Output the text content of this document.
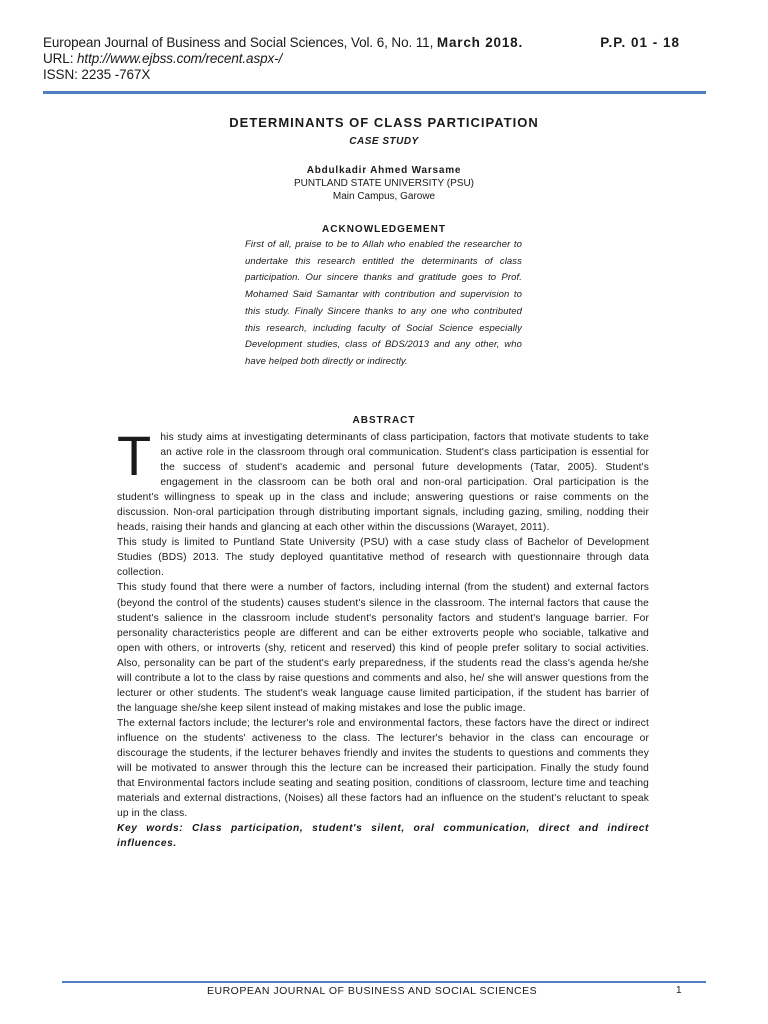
European Journal of Business and Social Sciences, Vol. 6, No. 11, March 2018.
URL: http://www.ejbss.com/recent.aspx-/
ISSN: 2235 -767X
P.P. 01 - 18
DETERMINANTS OF CLASS PARTICIPATION
CASE STUDY
Abdulkadir Ahmed Warsame
PUNTLAND STATE UNIVERSITY (PSU)
Main Campus, Garowe
ACKNOWLEDGEMENT
First of all, praise to be to Allah who enabled the researcher to undertake this research entitled the determinants of class participation. Our sincere thanks and gratitude goes to Prof. Mohamed Said Samantar with contribution and supervision to this study. Finally Sincere thanks to any one who contributed this research, including faculty of Social Science especially Development studies, class of BDS/2013 and any other, who have helped both directly or indirectly.
ABSTRACT

This study aims at investigating determinants of class participation, factors that motivate students to take an active role in the classroom through oral communication. Student's class participation is essential for the success of student's academic and personal future developments (Tatar, 2005). Student's engagement in the classroom can be both oral and non-oral participation. Oral participation is the student's willingness to speak up in the class and include; answering questions or raise comments on the discussion. Non-oral participation through distributing important signals, including gazing, smiling, nodding their heads, raising their hands and glancing at each other within the discussions (Warayet, 2011).

This study is limited to Puntland State University (PSU) with a case study class of Bachelor of Development Studies (BDS) 2013. The study deployed quantitative method of research with questionnaire through data collection.

This study found that there were a number of factors, including internal (from the student) and external factors (beyond the control of the students) causes student's silence in the classroom. The internal factors that cause the student's salience in the classroom include student's personality factors and student's language barrier. For personality characteristics people are different and can be either extroverts people who sociable, talkative and open with others, or introverts (shy, reticent and reserved) this kind of people prefer solitary to social activities. Also, personality can be part of the student's early preparedness, if the students read the class's agenda he/she will contribute a lot to the class by raise questions and comments and also, he/ she will answer questions from the lecturer or other students. The student's weak language cause limited participation, if the student has barrier of the language she/she keep silent instead of making mistakes and lose the public image.

The external factors include; the lecturer's role and environmental factors, these factors have the direct or indirect influence on the students' activeness to the class. The lecturer's behavior in the class can encourage or discourage the students, if the lecturer behaves friendly and invites the students to questions and comments they will be motivated to answer through this the lecture can be increased their participation. Finally the study found that Environmental factors include seating and seating position, conditions of classroom, lecture time and teaching materials and external distractions, (Noises) all these factors had an influence on the student's reluctant to speak up in the class.

Key words: Class participation, student's silent, oral communication, direct and indirect influences.

EUROPEAN JOURNAL OF BUSINESS AND SOCIAL SCIENCES	1
